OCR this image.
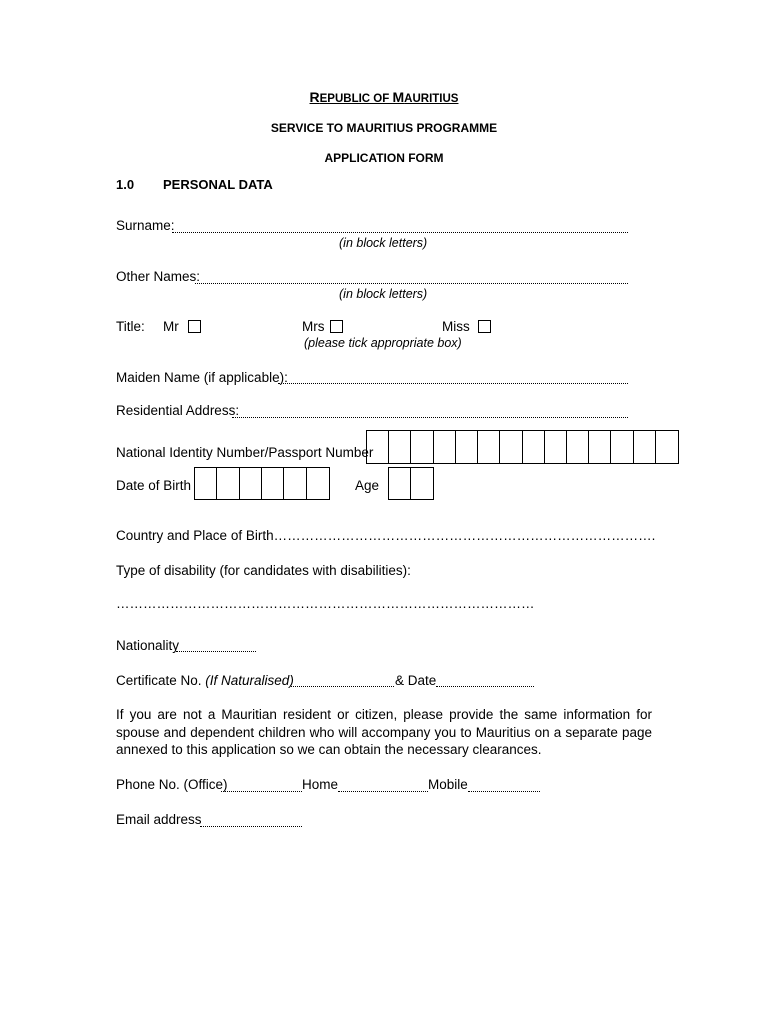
REPUBLIC OF MAURITIUS
SERVICE TO MAURITIUS PROGRAMME
APPLICATION FORM
1.0 PERSONAL DATA
Surname:
(in block letters)
Other Names:
(in block letters)
Title: Mr	Mrs	Miss
(please tick appropriate box)
Maiden Name (if applicable):
Residential Address:
National Identity Number/Passport Number
Date of Birth	Age
Country and Place of Birth………………………………………………………………………….
Type of disability (for candidates with disabilities):
…………………………………………………………………………………
Nationality
Certificate No. (If Naturalised)	& Date
If you are not a Mauritian resident or citizen, please provide the same information for spouse and dependent children who will accompany you to Mauritius on a separate page annexed to this application so we can obtain the necessary clearances.
Phone No. (Office)	Home	Mobile
Email address
